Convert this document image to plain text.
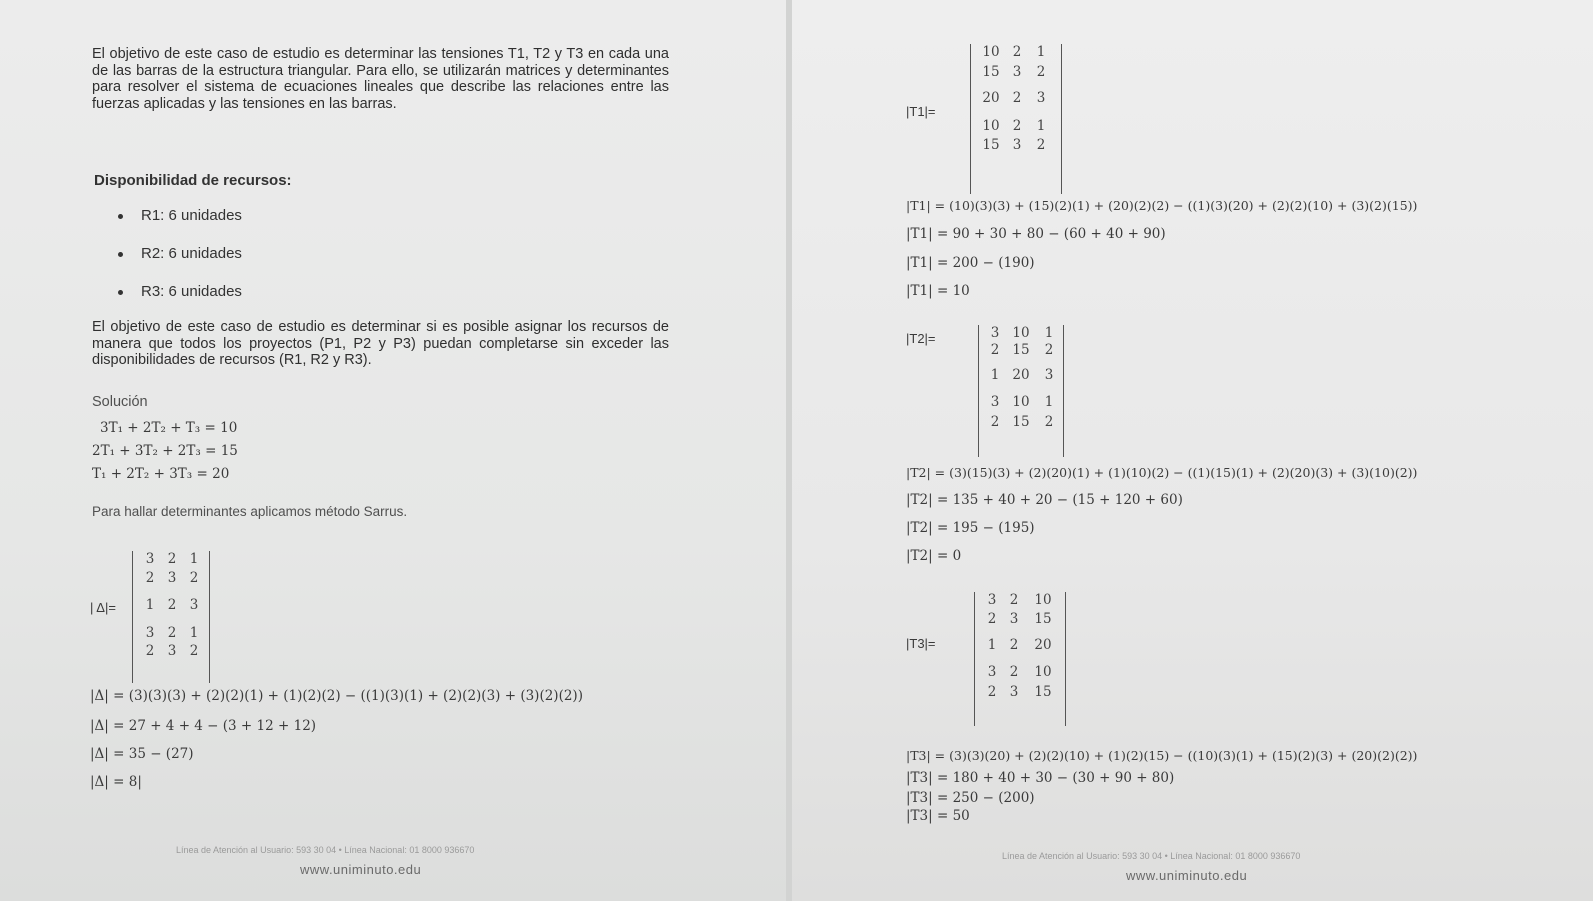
El objetivo de este caso de estudio es determinar las tensiones T1, T2 y T3 en cada una de las barras de la estructura triangular. Para ello, se utilizarán matrices y determinantes para resolver el sistema de ecuaciones lineales que describe las relaciones entre las fuerzas aplicadas y las tensiones en las barras.
Disponibilidad de recursos:
R1: 6 unidades
R2: 6 unidades
R3: 6 unidades
El objetivo de este caso de estudio es determinar si es posible asignar los recursos de manera que todos los proyectos (P1, P2 y P3) puedan completarse sin exceder las disponibilidades de recursos (R1, R2 y R3).
Solución
3T₁ + 2T₂ + T₃ = 10
2T₁ + 3T₂ + 2T₃ = 15
T₁ + 2T₂ + 3T₃ = 20
Para hallar determinantes aplicamos método Sarrus.
| Δ|=
3 2 1
2 3 2
1 2 3
3 2 1
2 3 2
|Δ| = (3)(3)(3) + (2)(2)(1) + (1)(2)(2) − ((1)(3)(1) + (2)(2)(3) + (3)(2)(2))
|Δ| = 27 + 4 + 4 − (3 + 12 + 12)
|Δ| = 35 − (27)
|Δ| = 8|
Línea de Atención al Usuario: 593 30 04 • Línea Nacional: 01 8000 936670
www.uniminuto.edu
|T1|=
10 2 1
15 3 2
20 2 3
10 2 1
15 3 2
|T1| = (10)(3)(3) + (15)(2)(1) + (20)(2)(2) − ((1)(3)(20) + (2)(2)(10) + (3)(2)(15))
|T1| = 90 + 30 + 80 − (60 + 40 + 90)
|T1| = 200 − (190)
|T1| = 10
|T2|=	3 10 1
2 15 2
1 20 3
3 10 1
2 15 2
|T2| = (3)(15)(3) + (2)(20)(1) + (1)(10)(2) − ((1)(15)(1) + (2)(20)(3) + (3)(10)(2))
|T2| = 135 + 40 + 20 − (15 + 120 + 60)
|T2| = 195 − (195)
|T2| = 0
|T3|=
3 2 10
2 3 15
1 2 20
3 2 10
2 3 15
|T3| = (3)(3)(20) + (2)(2)(10) + (1)(2)(15) − ((10)(3)(1) + (15)(2)(3) + (20)(2)(2))
|T3| = 180 + 40 + 30 − (30 + 90 + 80)
|T3| = 250 − (200)
|T3| = 50
Línea de Atención al Usuario: 593 30 04 • Línea Nacional: 01 8000 936670
www.uniminuto.edu
